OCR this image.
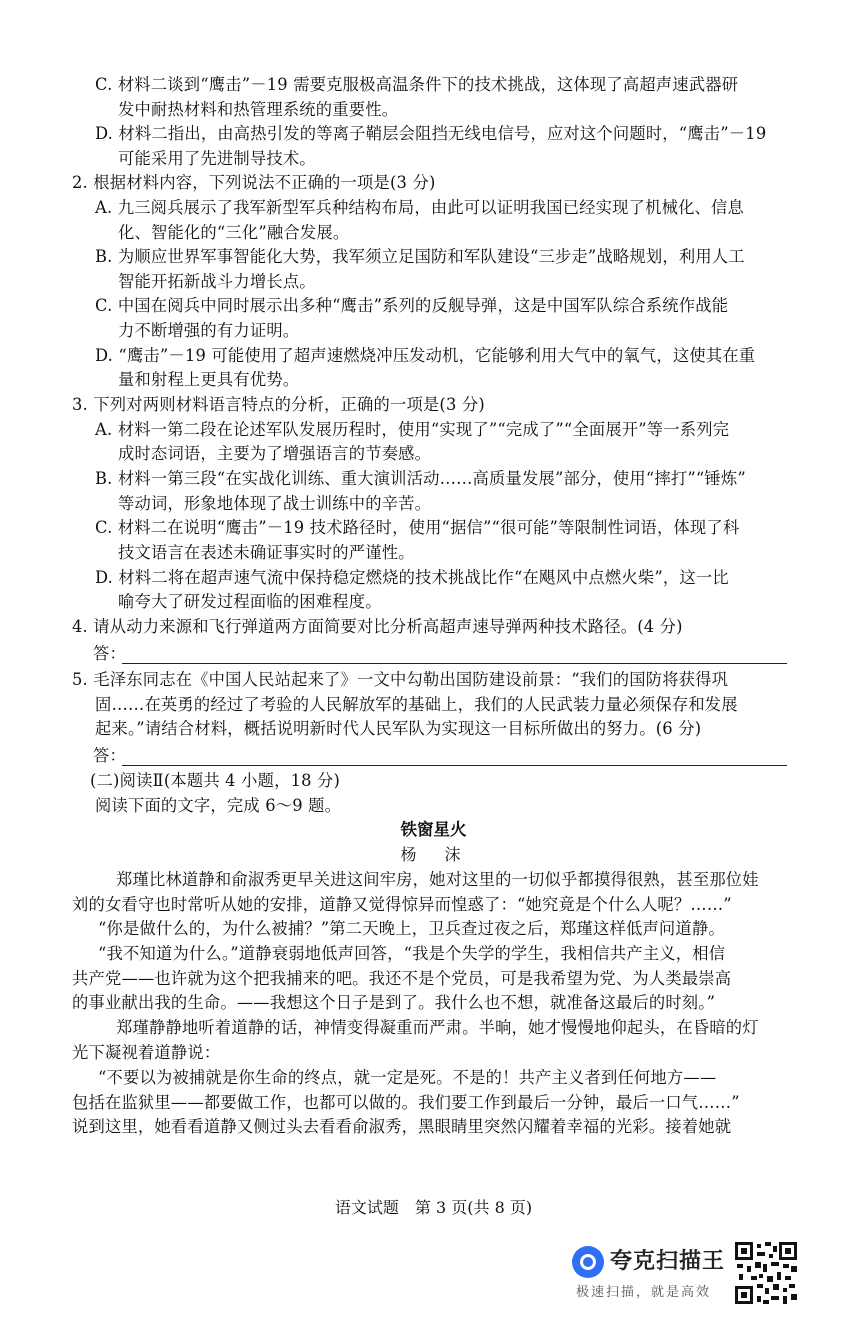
C. 材料二谈到“鹰击”－19 需要克服极高温条件下的技术挑战，这体现了高超声速武器研
发中耐热材料和热管理系统的重要性。
D. 材料二指出，由高热引发的等离子鞘层会阻挡无线电信号，应对这个问题时，“鹰击”－19
可能采用了先进制导技术。
2. 根据材料内容，下列说法不正确的一项是(3 分)
A. 九三阅兵展示了我军新型军兵种结构布局，由此可以证明我国已经实现了机械化、信息
化、智能化的“三化”融合发展。
B. 为顺应世界军事智能化大势，我军须立足国防和军队建设“三步走”战略规划，利用人工
智能开拓新战斗力增长点。
C. 中国在阅兵中同时展示出多种“鹰击”系列的反舰导弹，这是中国军队综合系统作战能
力不断增强的有力证明。
D. “鹰击”－19 可能使用了超声速燃烧冲压发动机，它能够利用大气中的氧气，这使其在重
量和射程上更具有优势。
3. 下列对两则材料语言特点的分析，正确的一项是(3 分)
A. 材料一第二段在论述军队发展历程时，使用“实现了”“完成了”“全面展开”等一系列完
成时态词语，主要为了增强语言的节奏感。
B. 材料一第三段“在实战化训练、重大演训活动……高质量发展”部分，使用“摔打”“锤炼”
等动词，形象地体现了战士训练中的辛苦。
C. 材料二在说明“鹰击”－19 技术路径时，使用“据信”“很可能”等限制性词语，体现了科
技文语言在表述未确证事实时的严谨性。
D. 材料二将在超声速气流中保持稳定燃烧的技术挑战比作“在飓风中点燃火柴”，这一比
喻夸大了研发过程面临的困难程度。
4. 请从动力来源和飞行弹道两方面简要对比分析高超声速导弹两种技术路径。(4 分)
答：
5. 毛泽东同志在《中国人民站起来了》一文中勾勒出国防建设前景：“我们的国防将获得巩
固……在英勇的经过了考验的人民解放军的基础上，我们的人民武装力量必须保存和发展
起来。”请结合材料，概括说明新时代人民军队为实现这一目标所做出的努力。(6 分)
答：
(二)阅读Ⅱ(本题共 4 小题，18 分)
阅读下面的文字，完成 6～9 题。
铁窗星火
杨　沫
郑瑾比林道静和俞淑秀更早关进这间牢房，她对这里的一切似乎都摸得很熟，甚至那位娃
刘的女看守也时常听从她的安排，道静又觉得惊异而惶惑了：“她究竟是个什么人呢？……”
“你是做什么的，为什么被捕？”第二天晚上，卫兵查过夜之后，郑瑾这样低声问道静。
“我不知道为什么。”道静衰弱地低声回答，“我是个失学的学生，我相信共产主义，相信
共产党——也许就为这个把我捕来的吧。我还不是个党员，可是我希望为党、为人类最崇高
的事业献出我的生命。——我想这个日子是到了。我什么也不想，就准备这最后的时刻。”
郑瑾静静地听着道静的话，神情变得凝重而严肃。半晌，她才慢慢地仰起头，在昏暗的灯
光下凝视着道静说：
“不要以为被捕就是你生命的终点，就一定是死。不是的！共产主义者到任何地方——
包括在监狱里——都要做工作，也都可以做的。我们要工作到最后一分钟，最后一口气……”
说到这里，她看看道静又侧过头去看看俞淑秀，黑眼睛里突然闪耀着幸福的光彩。接着她就
语文试题　第 3 页(共 8 页)
夸克扫描王
极速扫描，就是高效
